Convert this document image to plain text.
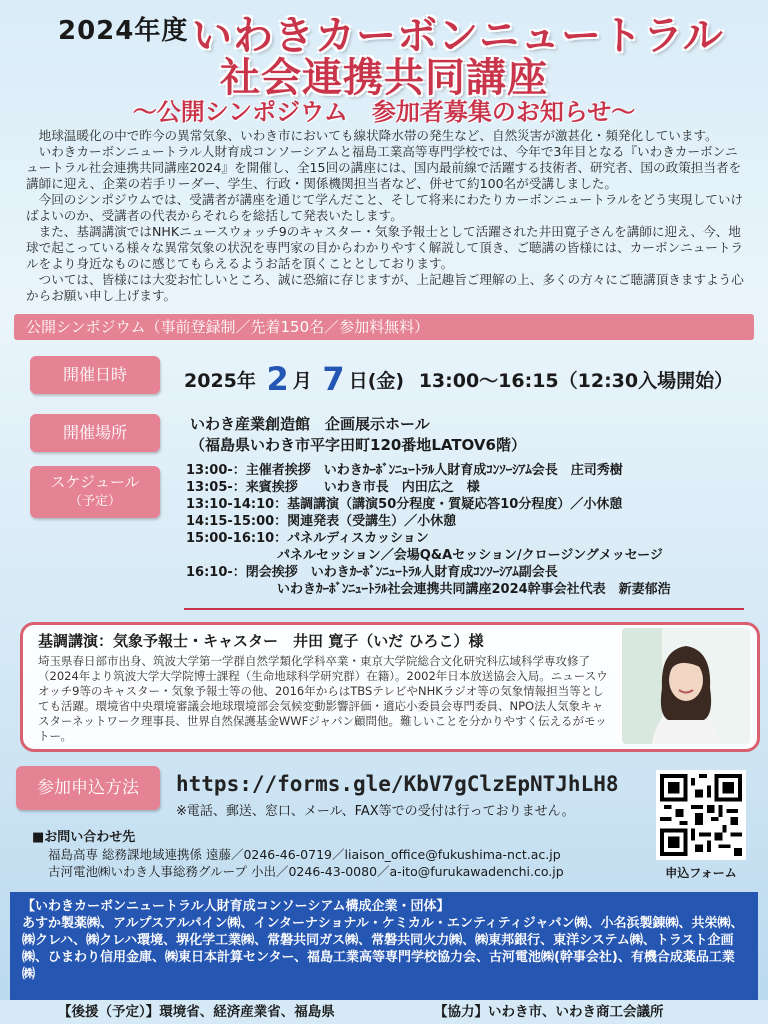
2024年度 いわきカーボンニュートラル
社会連携共同講座
～公開シンポジウム　参加者募集のお知らせ～

地球温暖化の中で昨今の異常気象、いわき市においても線状降水帯の発生など、自然災害が激甚化・頻発化しています。

いわきカーボンニュートラル人財育成コンソーシアムと福島工業高等専門学校では、今年で3年目となる『いわきカーボンニュートラル社会連携共同講座2024』を開催し、全15回の講座には、国内最前線で活躍する技術者、研究者、国の政策担当者を講師に迎え、企業の若手リーダー、学生、行政・関係機関担当者など、併せて約100名が受講しました。

今回のシンポジウムでは、受講者が講座を通じて学んだこと、そして将来にわたりカーボンニュートラルをどう実現していけばよいのか、受講者の代表からそれらを総括して発表いたします。

また、基調講演ではNHKニュースウォッチ9のキャスター・気象予報士として活躍された井田寛子さんを講師に迎え、今、地球で起こっている様々な異常気象の状況を専門家の目からわかりやすく解説して頂き、ご聴講の皆様には、カーボンニュートラルをより身近なものに感じてもらえるようお話を頂くこととしております。

ついては、皆様には大変お忙しいところ、誠に恐縮に存じますが、上記趣旨ご理解の上、多くの方々にご聴講頂きますよう心からお願い申し上げます。

公開シンポジウム（事前登録制／先着150名／参加料無料）
開催日時	2025年 2 月 7 日(金) 13:00～16:15（12:30入場開始）
開催場所	いわき産業創造館　企画展示ホール
（福島県いわき市平字田町120番地LATOV6階）
スケジュール
（予定）
13:00-：主催者挨拶　いわきｶｰﾎﾞﾝﾆｭｰﾄﾗﾙ人財育成ｺﾝｿｰｼｱﾑ会長　庄司秀樹
13:05-：来賓挨拶　　いわき市長　内田広之　様
13:10-14:10：基調講演（講演50分程度・質疑応答10分程度）／小休憩
14:15-15:00：関連発表（受講生）／小休憩
15:00-16:10：パネルディスカッション
　　　　　　　パネルセッション／会場Q&Aセッション/クロージングメッセージ
16:10-：閉会挨拶　いわきｶｰﾎﾞﾝﾆｭｰﾄﾗﾙ人財育成ｺﾝｿｰｼｱﾑ副会長
　　　　　　　いわきｶｰﾎﾞﾝﾆｭｰﾄﾗﾙ社会連携共同講座2024幹事会社代表　新妻郁浩
基調講演：気象予報士・キャスター　井田 寛子（いだ ひろこ）様
埼玉県春日部市出身、筑波大学第一学群自然学類化学科卒業・東京大学院総合文化研究科広域科学専攻修了（2024年より筑波大学大学院博士課程（生命地球科学研究群）在籍）。2002年日本放送協会入局。ニュースウオッチ9等のキャスター・気象予報士等の他、2016年からはTBSテレビやNHKラジオ等の気象情報担当等としても活躍。環境省中央環境審議会地球環境部会気候変動影響評価・適応小委員会専門委員、NPO法人気象キャスターネットワーク理事長、世界自然保護基金WWFジャパン顧問他。難しいことを分かりやすく伝えるがモットー。
参加申込方法	https://forms.gle/KbV7gClzEpNTJhLH8
※電話、郵送、窓口、メール、FAX等での受付は行っておりません。
申込フォーム
■お問い合わせ先
福島高専 総務課地域連携係 遠藤／0246-46-0719／liaison_office@fukushima-nct.ac.jp
古河電池㈱いわき人事総務グループ 小出／0246-43-0080／a-ito@furukawadenchi.co.jp
【いわきカーボンニュートラル人財育成コンソーシアム構成企業・団体】
あすか製薬㈱、アルプスアルパイン㈱、インターナショナル・ケミカル・エンティティジャパン㈱、小名浜製錬㈱、共栄㈱、㈱クレハ、㈱クレハ環境、堺化学工業㈱、常磐共同ガス㈱、常磐共同火力㈱、㈱東邦銀行、東洋システム㈱、トラスト企画㈱、ひまわり信用金庫、㈱東日本計算センター、福島工業高等専門学校協力会、古河電池㈱(幹事会社)、有機合成薬品工業㈱
【後援（予定）】環境省、経済産業省、福島県	【協力】いわき市、いわき商工会議所
